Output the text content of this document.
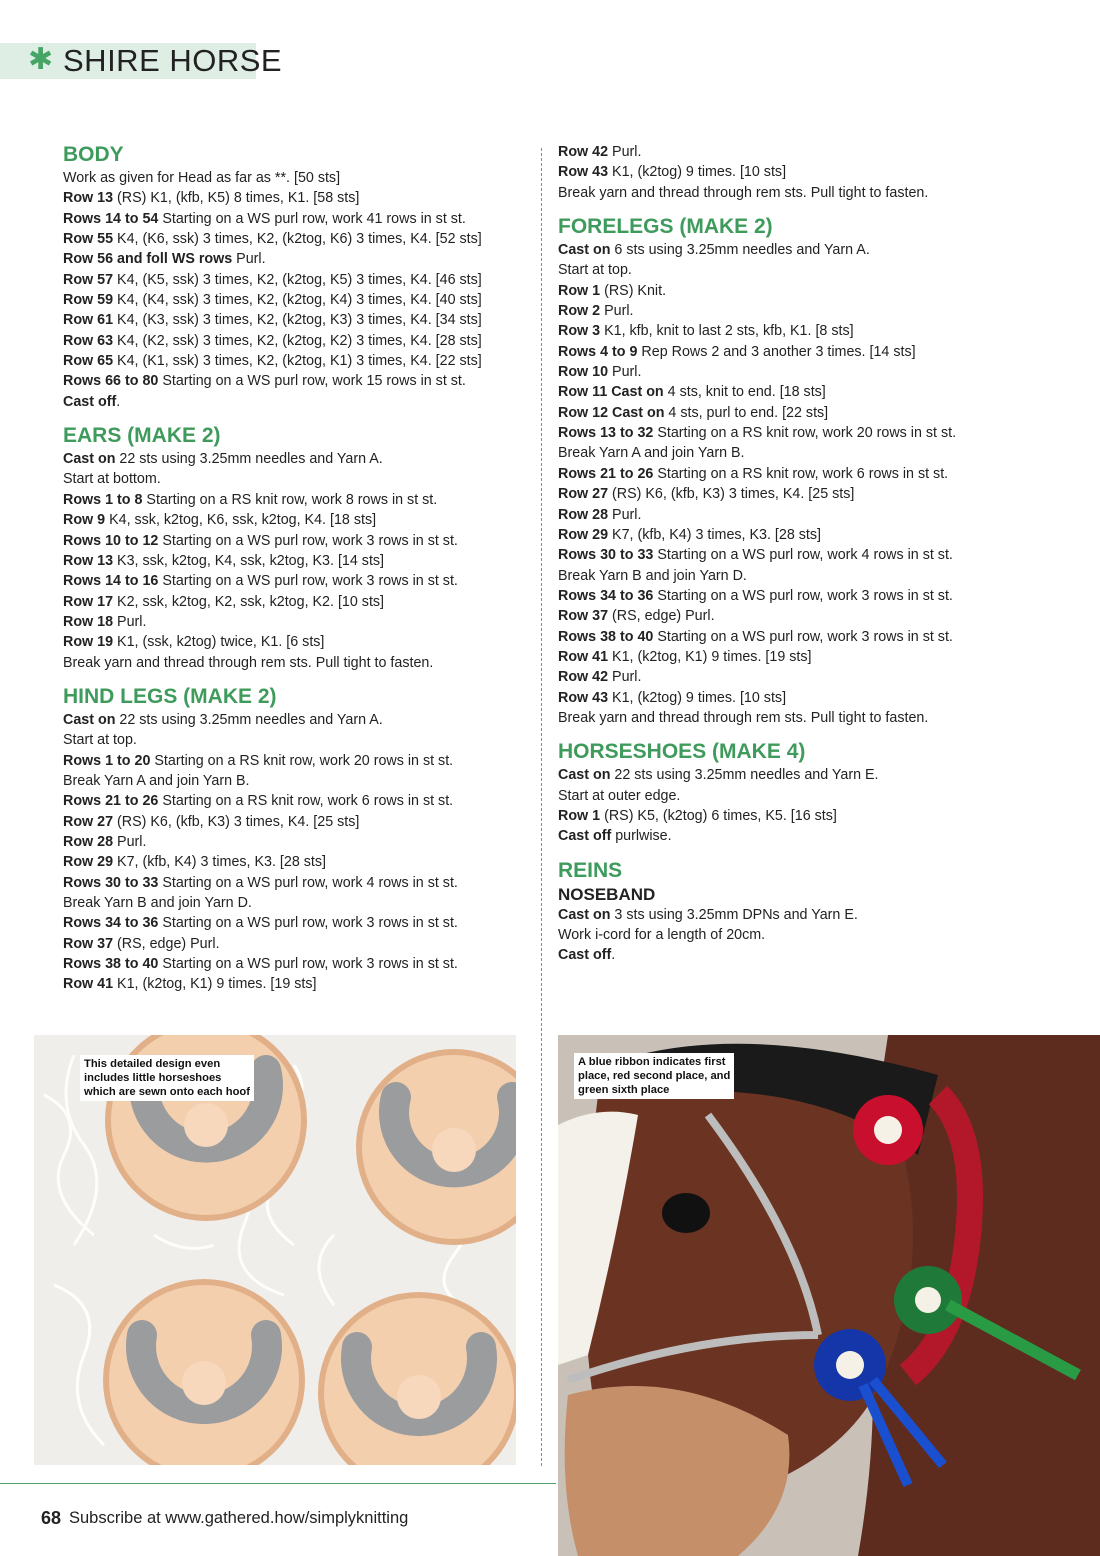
✱ SHIRE HORSE
BODY
Work as given for Head as far as **. [50 sts]
Row 13 (RS) K1, (kfb, K5) 8 times, K1. [58 sts]
Rows 14 to 54 Starting on a WS purl row, work 41 rows in st st.
Row 55 K4, (K6, ssk) 3 times, K2, (k2tog, K6) 3 times, K4. [52 sts]
Row 56 and foll WS rows Purl.
Row 57 K4, (K5, ssk) 3 times, K2, (k2tog, K5) 3 times, K4. [46 sts]
Row 59 K4, (K4, ssk) 3 times, K2, (k2tog, K4) 3 times, K4. [40 sts]
Row 61 K4, (K3, ssk) 3 times, K2, (k2tog, K3) 3 times, K4. [34 sts]
Row 63 K4, (K2, ssk) 3 times, K2, (k2tog, K2) 3 times, K4. [28 sts]
Row 65 K4, (K1, ssk) 3 times, K2, (k2tog, K1) 3 times, K4. [22 sts]
Rows 66 to 80 Starting on a WS purl row, work 15 rows in st st.
Cast off.
EARS (MAKE 2)
Cast on 22 sts using 3.25mm needles and Yarn A.
Start at bottom.
Rows 1 to 8 Starting on a RS knit row, work 8 rows in st st.
Row 9 K4, ssk, k2tog, K6, ssk, k2tog, K4. [18 sts]
Rows 10 to 12 Starting on a WS purl row, work 3 rows in st st.
Row 13 K3, ssk, k2tog, K4, ssk, k2tog, K3. [14 sts]
Rows 14 to 16 Starting on a WS purl row, work 3 rows in st st.
Row 17 K2, ssk, k2tog, K2, ssk, k2tog, K2. [10 sts]
Row 18 Purl.
Row 19 K1, (ssk, k2tog) twice, K1. [6 sts]
Break yarn and thread through rem sts. Pull tight to fasten.
HIND LEGS (MAKE 2)
Cast on 22 sts using 3.25mm needles and Yarn A.
Start at top.
Rows 1 to 20 Starting on a RS knit row, work 20 rows in st st.
Break Yarn A and join Yarn B.
Rows 21 to 26 Starting on a RS knit row, work 6 rows in st st.
Row 27 (RS) K6, (kfb, K3) 3 times, K4. [25 sts]
Row 28 Purl.
Row 29 K7, (kfb, K4) 3 times, K3. [28 sts]
Rows 30 to 33 Starting on a WS purl row, work 4 rows in st st.
Break Yarn B and join Yarn D.
Rows 34 to 36 Starting on a WS purl row, work 3 rows in st st.
Row 37 (RS, edge) Purl.
Rows 38 to 40 Starting on a WS purl row, work 3 rows in st st.
Row 41 K1, (k2tog, K1) 9 times. [19 sts]
Row 42 Purl.
Row 43 K1, (k2tog) 9 times. [10 sts]
Break yarn and thread through rem sts. Pull tight to fasten.
FORELEGS (MAKE 2)
Cast on 6 sts using 3.25mm needles and Yarn A.
Start at top.
Row 1 (RS) Knit.
Row 2 Purl.
Row 3 K1, kfb, knit to last 2 sts, kfb, K1. [8 sts]
Rows 4 to 9 Rep Rows 2 and 3 another 3 times. [14 sts]
Row 10 Purl.
Row 11 Cast on 4 sts, knit to end. [18 sts]
Row 12 Cast on 4 sts, purl to end. [22 sts]
Rows 13 to 32 Starting on a RS knit row, work 20 rows in st st.
Break Yarn A and join Yarn B.
Rows 21 to 26 Starting on a RS knit row, work 6 rows in st st.
Row 27 (RS) K6, (kfb, K3) 3 times, K4. [25 sts]
Row 28 Purl.
Row 29 K7, (kfb, K4) 3 times, K3. [28 sts]
Rows 30 to 33 Starting on a WS purl row, work 4 rows in st st.
Break Yarn B and join Yarn D.
Rows 34 to 36 Starting on a WS purl row, work 3 rows in st st.
Row 37 (RS, edge) Purl.
Rows 38 to 40 Starting on a WS purl row, work 3 rows in st st.
Row 41 K1, (k2tog, K1) 9 times. [19 sts]
Row 42 Purl.
Row 43 K1, (k2tog) 9 times. [10 sts]
Break yarn and thread through rem sts. Pull tight to fasten.
HORSESHOES (MAKE 4)
Cast on 22 sts using 3.25mm needles and Yarn E.
Start at outer edge.
Row 1 (RS) K5, (k2tog) 6 times, K5. [16 sts]
Cast off purlwise.
REINS
NOSEBAND
Cast on 3 sts using 3.25mm DPNs and Yarn E.
Work i-cord for a length of 20cm.
Cast off.
This detailed design even
includes little horseshoes
which are sewn onto each hoof
A blue ribbon indicates first
place, red second place, and
green sixth place
68 Subscribe at www.gathered.how/simplyknitting
